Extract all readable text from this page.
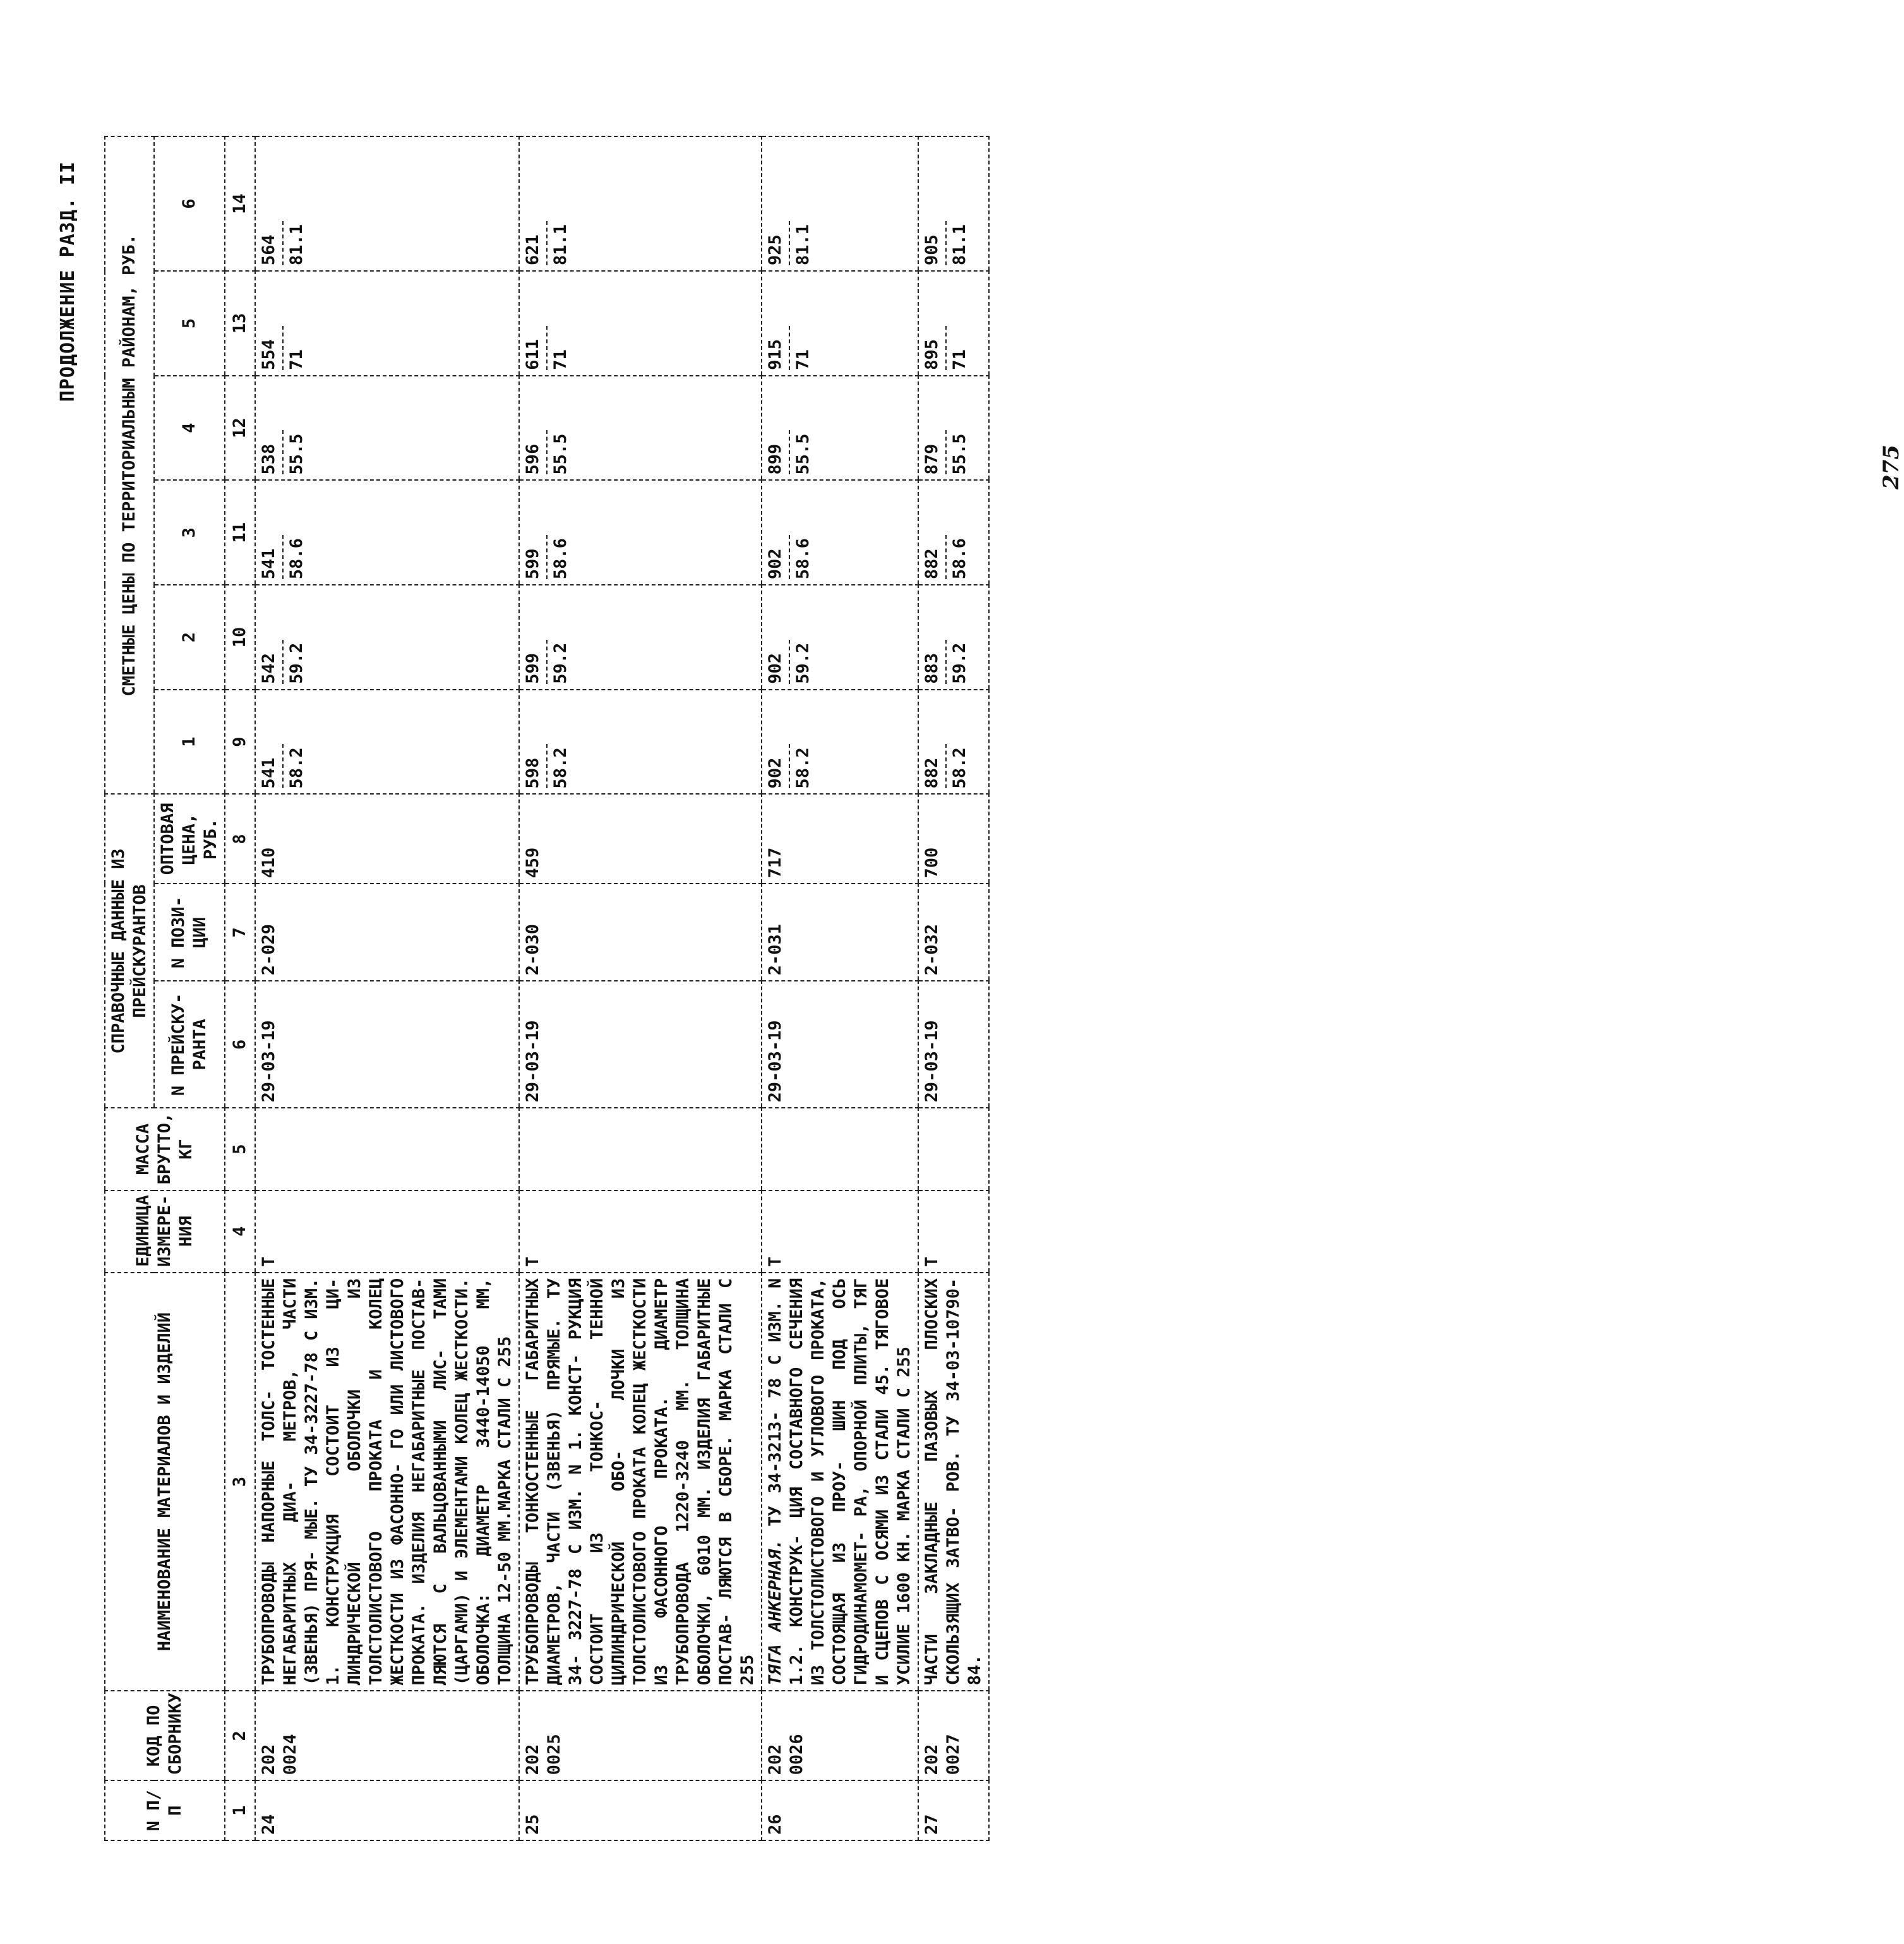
ПРОДОЛЖЕНИЕ РАЗД. II
N П/П	КОД ПО СБОРНИКУ	НАИМЕНОВАНИЕ МАТЕРИАЛОВ И ИЗДЕЛИЙ	ЕДИНИЦА ИЗМЕРЕ- НИЯ	МАССА БРУТТО, КГ	СПРАВОЧНЫЕ ДАННЫЕ ИЗ ПРЕЙСКУРАНТОВ			СМЕТНЫЕ ЦЕНЫ ПО ТЕРРИТОРИАЛЬНЫМ РАЙОНАМ, РУБ.					
					N ПРЕЙСКУ- РАНТА	N ПОЗИ- ЦИИ	ОПТОВАЯ ЦЕНА, РУБ.	1	2	3	4	5	6
1	2	3	4	5	6	7	8	9	10	11	12	13	14
24	202 0024	ТРУБОПРОВОДЫ НАПОРНЫЕ ТОЛС- ТОСТЕННЫЕ НЕГАБАРИТНЫХ ДИА- МЕТРОВ, ЧАСТИ (ЗВЕНЬЯ) ПРЯ- МЫЕ. ТУ 34-3227-78 С ИЗМ. 1. КОНСТРУКЦИЯ СОСТОИТ ИЗ ЦИ- ЛИНДРИЧЕСКОЙ ОБОЛОЧКИ ИЗ ТОЛСТОЛИСТОВОГО ПРОКАТА И КОЛЕЦ ЖЕСТКОСТИ ИЗ ФАСОННО- ГО ИЛИ ЛИСТОВОГО ПРОКАТА. ИЗДЕЛИЯ НЕГАБАРИТНЫЕ ПОСТАВ- ЛЯЮТСЯ С ВАЛЬЦОВАННЫМИ ЛИС- ТАМИ (ЦАРГАМИ) И ЭЛЕМЕНТАМИ КОЛЕЦ ЖЕСТКОСТИ. ОБОЛОЧКА: ДИАМЕТР 3440-14050 ММ, ТОЛЩИНА 12-50 ММ.МАРКА СТАЛИ С 255	Т		29-03-19	2-029	410	541 58.2	542 59.2	541 58.6	538 55.5	554 71	564 81.1
25	202 0025	ТРУБОПРОВОДЫ ТОНКОСТЕННЫЕ ГАБАРИТНЫХ ДИАМЕТРОВ, ЧАСТИ (ЗВЕНЬЯ) ПРЯМЫЕ. ТУ 34- 3227-78 С ИЗМ. N 1. КОНСТ- РУКЦИЯ СОСТОИТ ИЗ ТОНКОС- ТЕННОЙ ЦИЛИНДРИЧЕСКОЙ ОБО- ЛОЧКИ ИЗ ТОЛСТОЛИСТОВОГО ПРОКАТА КОЛЕЦ ЖЕСТКОСТИ ИЗ ФАСОННОГО ПРОКАТА. ДИАМЕТР ТРУБОПРОВОДА 1220-3240 ММ. ТОЛЩИНА ОБОЛОЧКИ, 6010 ММ. ИЗДЕЛИЯ ГАБАРИТНЫЕ ПОСТАВ- ЛЯЮТСЯ В СБОРЕ. МАРКА СТАЛИ С 255	Т		29-03-19	2-030	459	598 58.2	599 59.2	599 58.6	596 55.5	611 71	621 81.1
26	202 0026	ТЯГА АНКЕРНАЯ. ТУ 34-3213- 78 С ИЗМ. N 1.2. КОНСТРУК- ЦИЯ СОСТАВНОГО СЕЧЕНИЯ ИЗ ТОЛСТОЛИСТОВОГО И УГЛОВОГО ПРОКАТА, СОСТОЯЩАЯ ИЗ ПРОУ- ШИН ПОД ОСЬ ГИДРОДИНАМОМЕТ- РА, ОПОРНОЙ ПЛИТЫ, ТЯГ И СЦЕПОВ С ОСЯМИ ИЗ СТАЛИ 45. ТЯГОВОЕ УСИЛИЕ 1600 КН. МАРКА СТАЛИ С 255	Т		29-03-19	2-031	717	902 58.2	902 59.2	902 58.6	899 55.5	915 71	925 81.1
27	202 0027	ЧАСТИ ЗАКЛАДНЫЕ ПАЗОВЫХ ПЛОСКИХ СКОЛЬЗЯЩИХ ЗАТВО- РОВ. ТУ 34-03-10790-84.	Т		29-03-19	2-032	700	882 58.2	883 59.2	882 58.6	879 55.5	895 71	905 81.1
275
